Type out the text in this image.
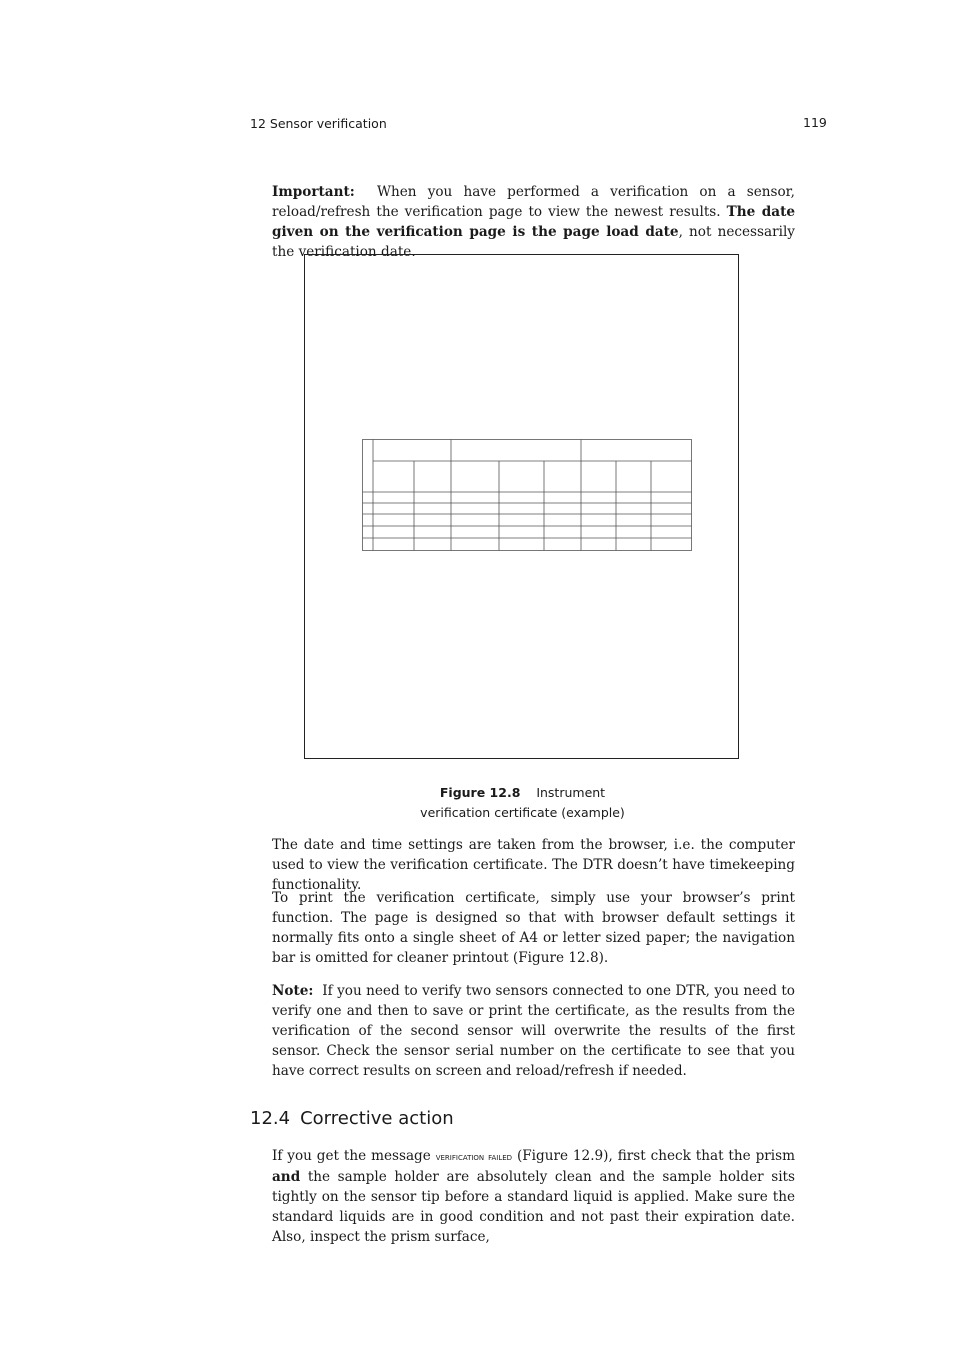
12 Sensor verification	119

Important: When you have performed a verification on a sensor, reload/refresh the verification page to view the newest results. The date given on the verification page is the page load date, not necessarily the verification date.

Figure 12.8 Instrument
verification certificate (example)

The date and time settings are taken from the browser, i.e. the computer used to view the verification certificate. The DTR doesn’t have timekeeping functionality.

To print the verification certificate, simply use your browser’s print function. The page is designed so that with browser default settings it normally fits onto a single sheet of A4 or letter sized paper; the navigation bar is omitted for cleaner printout (Figure 12.8).

Note: If you need to verify two sensors connected to one DTR, you need to verify one and then to save or print the certificate, as the results from the verification of the second sensor will overwrite the results of the first sensor. Check the sensor serial number on the certificate to see that you have correct results on screen and reload/refresh if needed.

12.4 Corrective action

If you get the message verification failed (Figure 12.9), first check that the prism and the sample holder are absolutely clean and the sample holder sits tightly on the sensor tip before a standard liquid is applied. Make sure the standard liquids are in good condition and not past their expiration date. Also, inspect the prism surface,
